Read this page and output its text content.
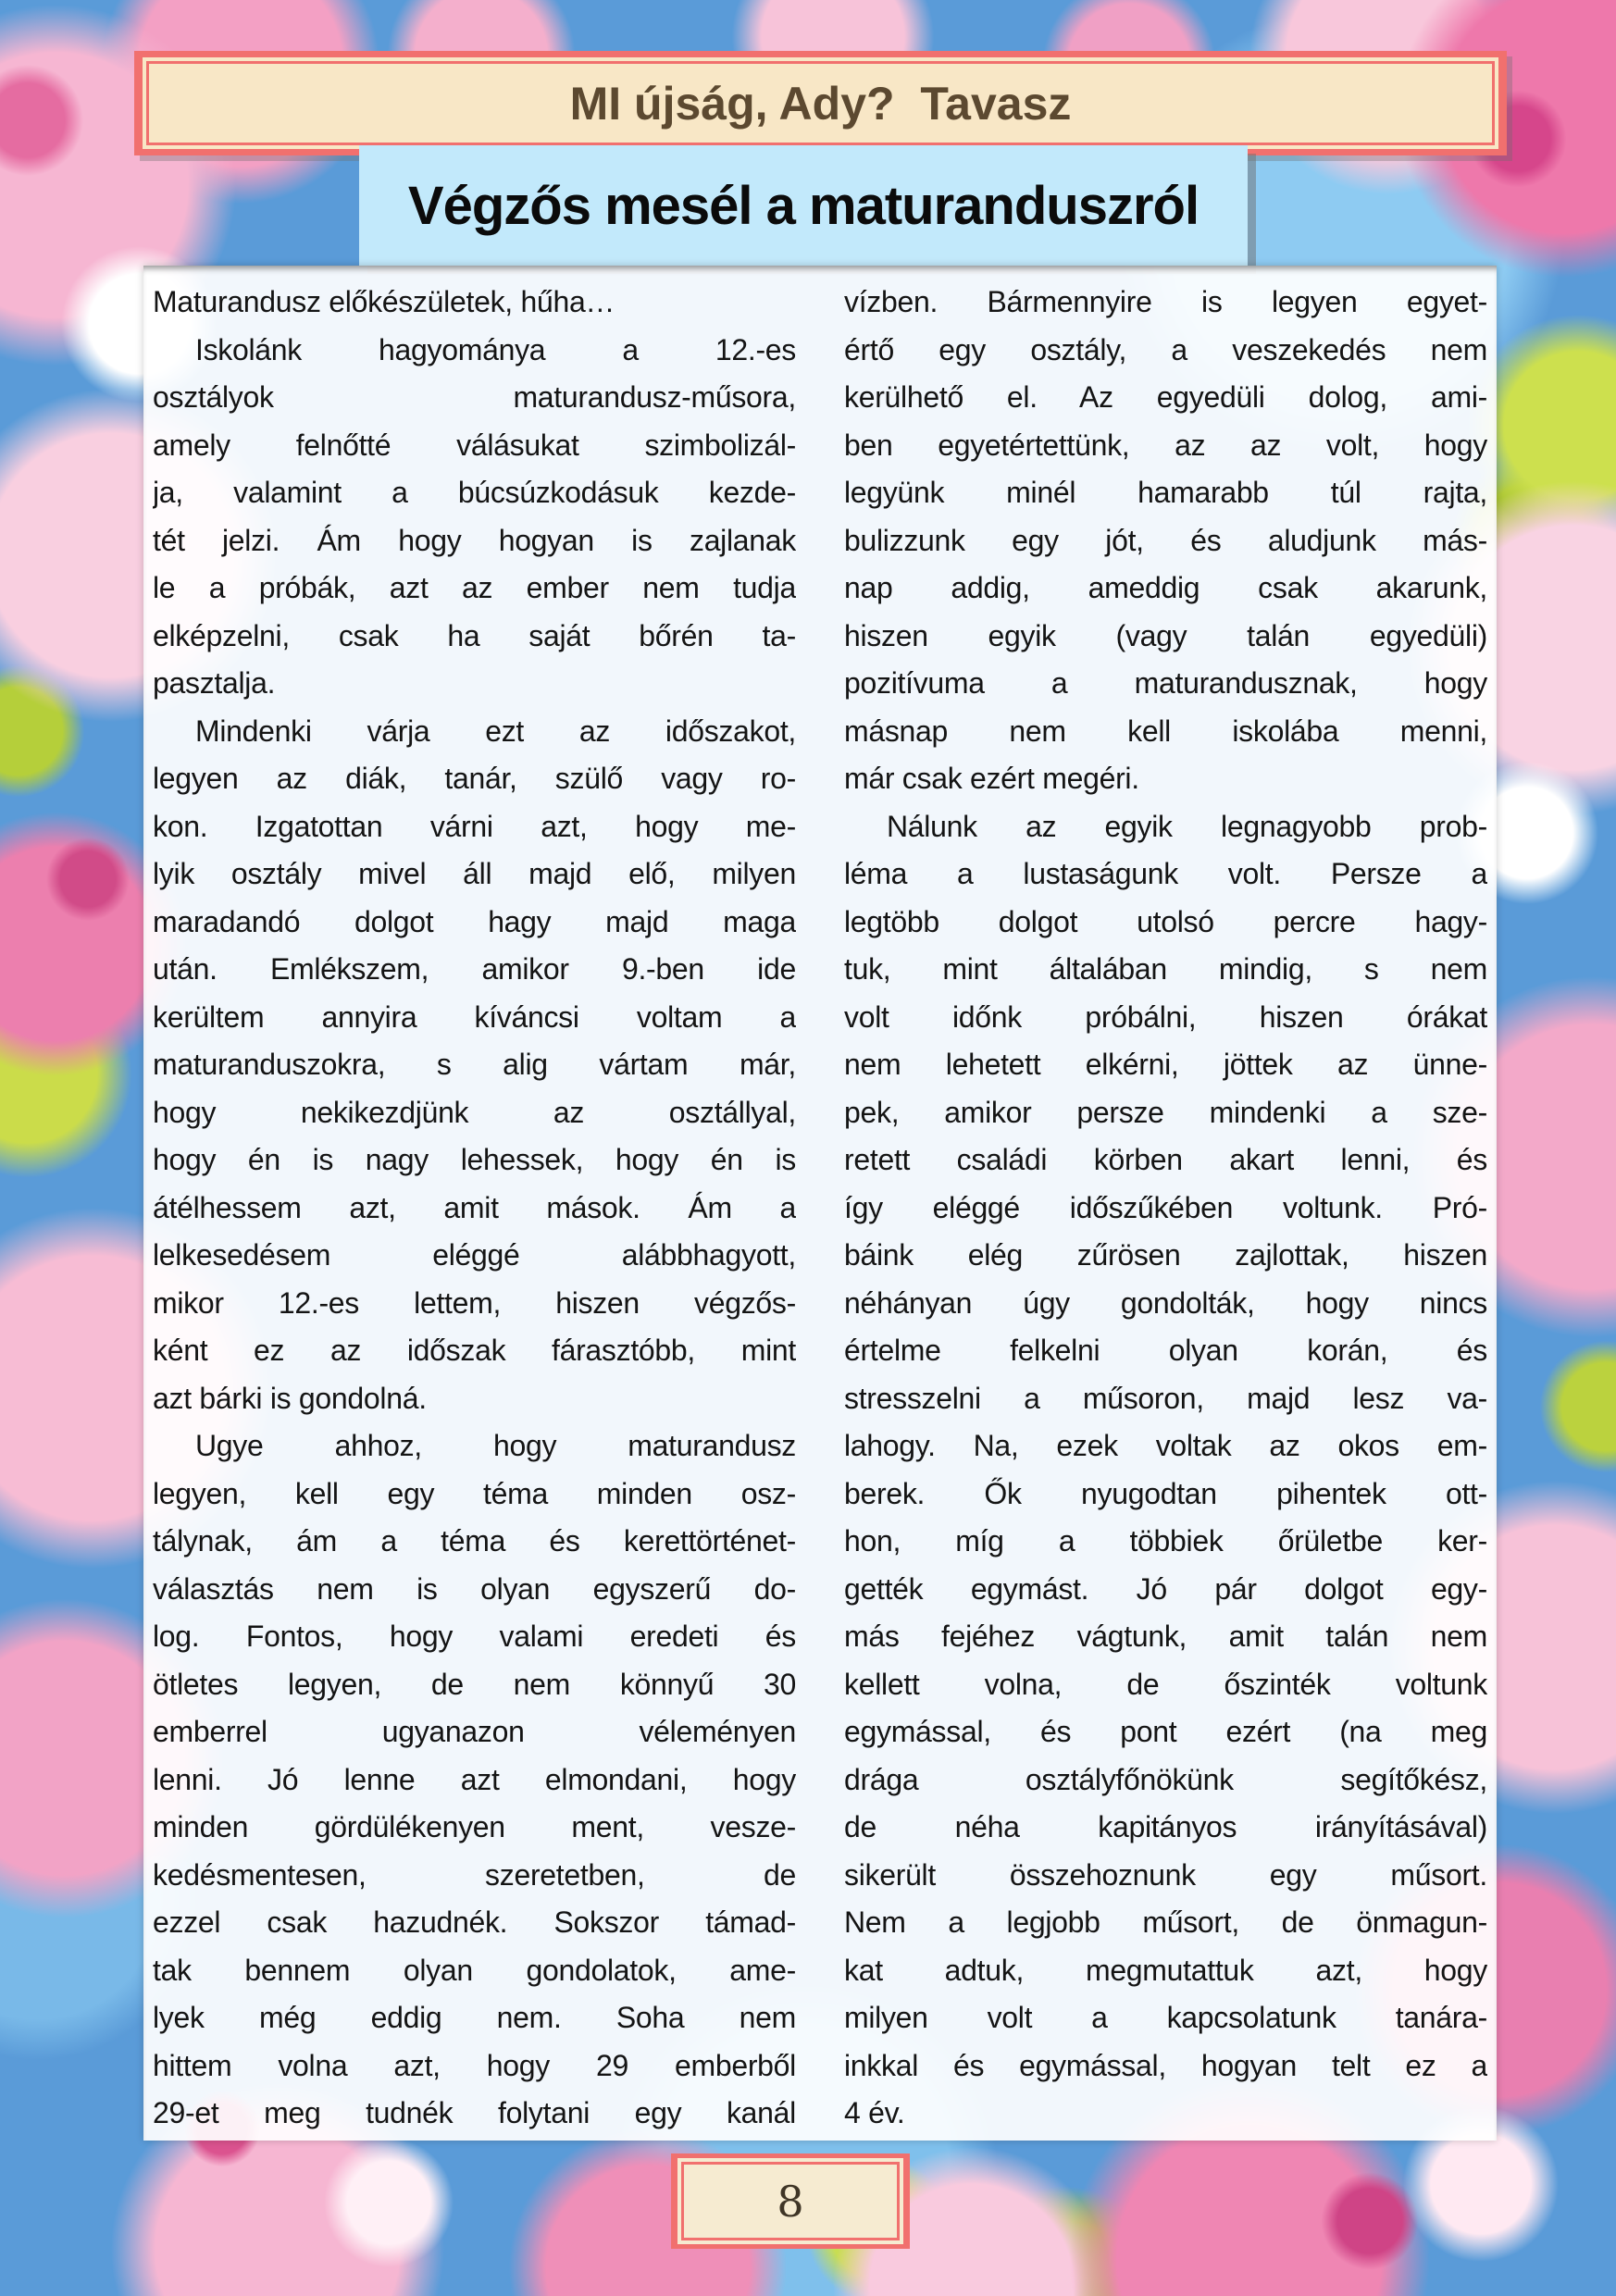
MI újság, Ady?  Tavasz
Végzős mesél a maturanduszról
Maturandusz előkészületek, hűha…
Iskolánk hagyománya a 12.-es
osztályok maturandusz-műsora,
amely felnőtté válásukat szimbolizál-
ja, valamint a búcsúzkodásuk kezde-
tét jelzi. Ám hogy hogyan is zajlanak
le a próbák, azt az ember nem tudja
elképzelni, csak ha saját bőrén ta-
pasztalja.
Mindenki várja ezt az időszakot,
legyen az diák, tanár, szülő vagy ro-
kon. Izgatottan várni azt, hogy me-
lyik osztály mivel áll majd elő, milyen
maradandó dolgot hagy majd maga
után. Emlékszem, amikor 9.-ben ide
kerültem annyira kíváncsi voltam a
maturanduszokra, s alig vártam már,
hogy nekikezdjünk az osztállyal,
hogy én is nagy lehessek, hogy én is
átélhessem azt, amit mások. Ám a
lelkesedésem eléggé alábbhagyott,
mikor 12.-es lettem, hiszen végzős-
ként ez az időszak fárasztóbb, mint
azt bárki is gondolná.
Ugye ahhoz, hogy maturandusz
legyen, kell egy téma minden osz-
tálynak, ám a téma és kerettörténet-
választás nem is olyan egyszerű do-
log. Fontos, hogy valami eredeti és
ötletes legyen, de nem könnyű 30
emberrel ugyanazon véleményen
lenni. Jó lenne azt elmondani, hogy
minden gördülékenyen ment, vesze-
kedésmentesen, szeretetben, de
ezzel csak hazudnék. Sokszor támad-
tak bennem olyan gondolatok, ame-
lyek még eddig nem. Soha nem
hittem volna azt, hogy 29 emberből
29-et meg tudnék folytani egy kanál
vízben. Bármennyire is legyen egyet-
értő egy osztály, a veszekedés nem
kerülhető el. Az egyedüli dolog, ami-
ben egyetértettünk, az az volt, hogy
legyünk minél hamarabb túl rajta,
bulizzunk egy jót, és aludjunk más-
nap addig, ameddig csak akarunk,
hiszen egyik (vagy talán egyedüli)
pozitívuma a maturandusznak, hogy
másnap nem kell iskolába menni,
már csak ezért megéri.
Nálunk az egyik legnagyobb prob-
léma a lustaságunk volt. Persze a
legtöbb dolgot utolsó percre hagy-
tuk, mint általában mindig, s nem
volt időnk próbálni, hiszen órákat
nem lehetett elkérni, jöttek az ünne-
pek, amikor persze mindenki a sze-
retett családi körben akart lenni, és
így eléggé időszűkében voltunk. Pró-
báink elég zűrösen zajlottak, hiszen
néhányan úgy gondolták, hogy nincs
értelme felkelni olyan korán, és
stresszelni a műsoron, majd lesz va-
lahogy. Na, ezek voltak az okos em-
berek. Ők nyugodtan pihentek ott-
hon, míg a többiek őrületbe ker-
gették egymást. Jó pár dolgot egy-
más fejéhez vágtunk, amit talán nem
kellett volna, de őszinték voltunk
egymással, és pont ezért (na meg
drága osztályfőnökünk segítőkész,
de néha kapitányos irányításával)
sikerült összehoznunk egy műsort.
Nem a legjobb műsort, de önmagun-
kat adtuk, megmutattuk azt, hogy
milyen volt a kapcsolatunk tanára-
inkkal és egymással, hogyan telt ez a
4 év.
8
